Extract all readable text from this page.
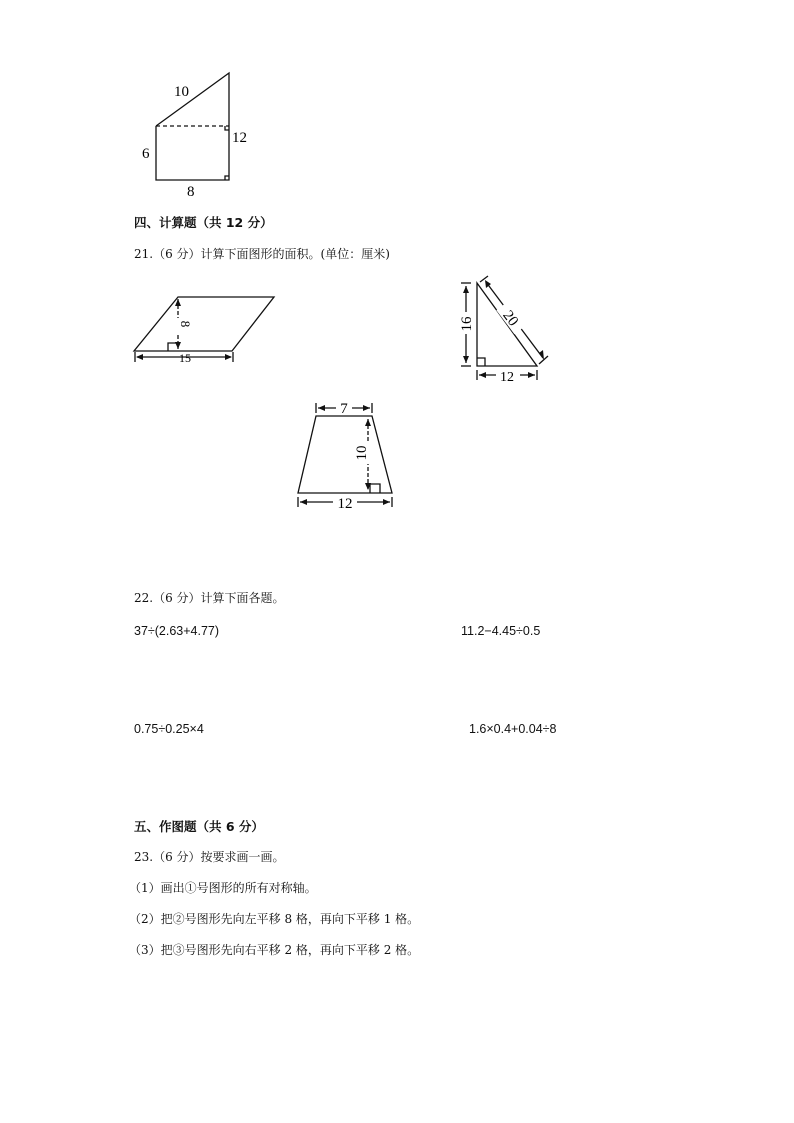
10
6
8
12
四、计算题（共 12 分）
21.（6 分）计算下面图形的面积。(单位：厘米)
8
15
16 20
12
7
10
12
22.（6 分）计算下面各题。
37÷(2.63+4.77)	11.2−4.45÷0.5
0.75÷0.25×4	1.6×0.4+0.04÷8
五、作图题（共 6 分）
23.（6 分）按要求画一画。
（1）画出①号图形的所有对称轴。
（2）把②号图形先向左平移 8 格，再向下平移 1 格。
（3）把③号图形先向右平移 2 格，再向下平移 2 格。
